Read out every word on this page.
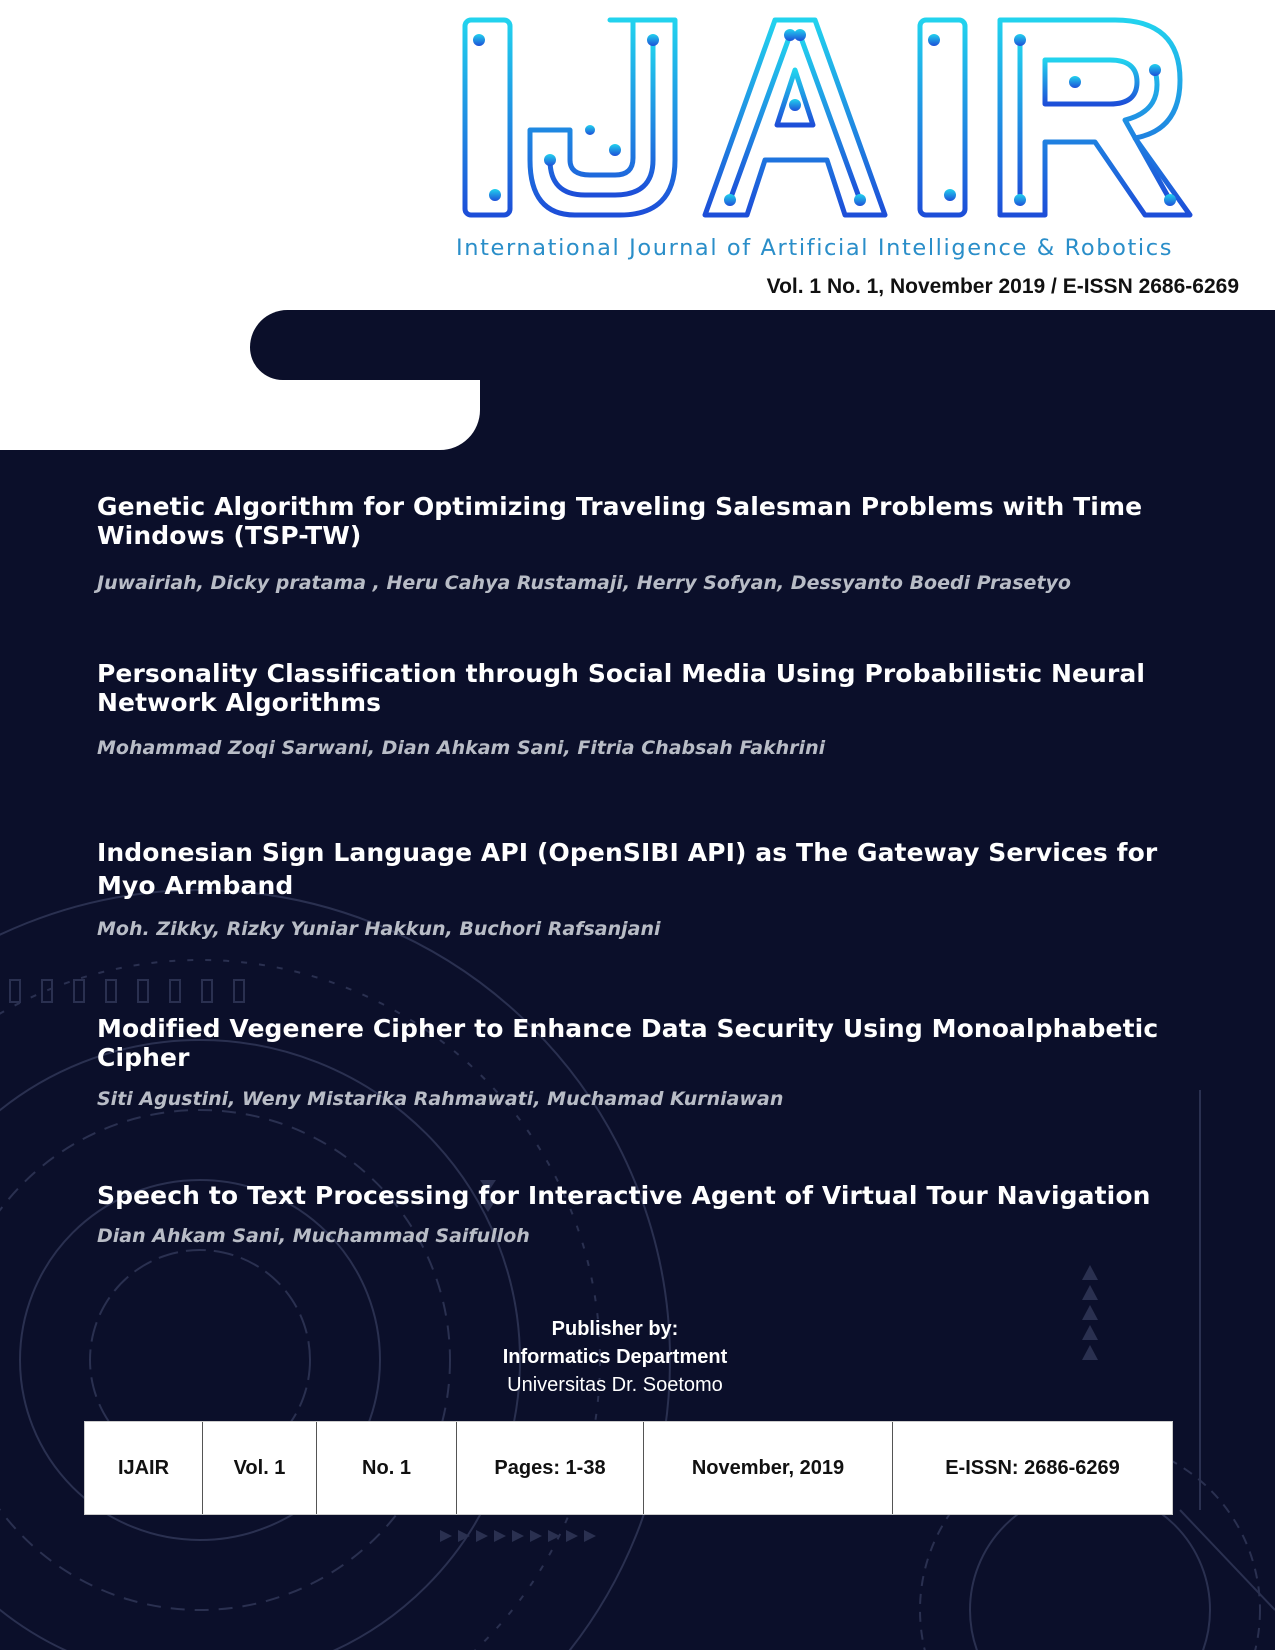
International Journal of Artificial Intelligence & Robotics
Vol. 1 No. 1, November 2019 / E-ISSN 2686-6269
Genetic Algorithm for Optimizing Traveling Salesman Problems with Time Windows (TSP-TW)

Juwairiah, Dicky pratama , Heru Cahya Rustamaji, Herry Sofyan, Dessyanto Boedi Prasetyo

Personality Classification through Social Media Using Probabilistic Neural Network Algorithms

Mohammad Zoqi Sarwani, Dian Ahkam Sani, Fitria Chabsah Fakhrini

Indonesian Sign Language API (OpenSIBI API) as The Gateway Services for Myo Armband

Moh. Zikky, Rizky Yuniar Hakkun, Buchori Rafsanjani

Modified Vegenere Cipher to Enhance Data Security Using Monoalphabetic Cipher

Siti Agustini, Weny Mistarika Rahmawati, Muchamad Kurniawan

Speech to Text Processing for Interactive Agent of Virtual Tour Navigation

Dian Ahkam Sani, Muchammad Saifulloh

Publisher by:
Informatics Department
Universitas Dr. Soetomo
IJAIR	Vol. 1	No. 1	Pages: 1-38	November, 2019	E-ISSN: 2686-6269
